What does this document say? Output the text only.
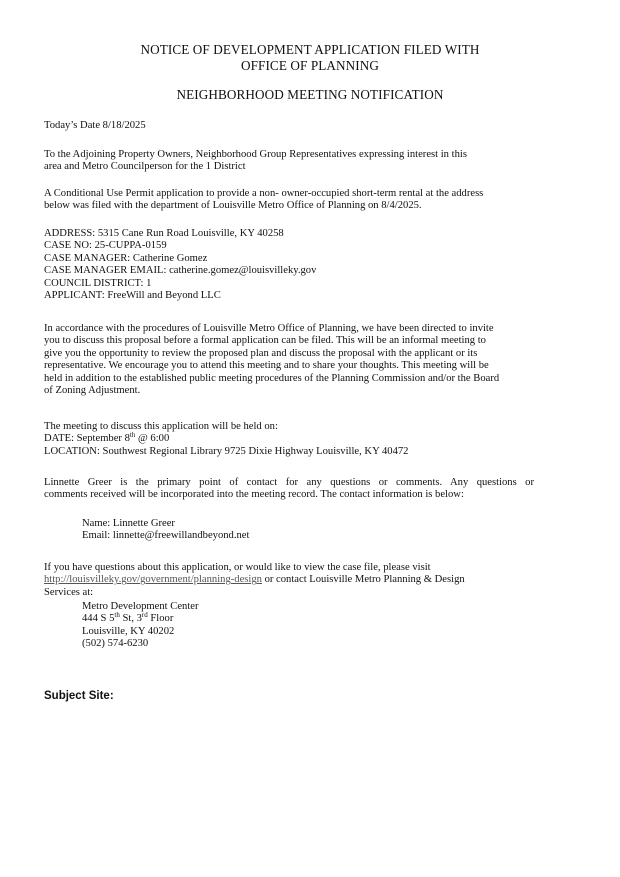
NOTICE OF DEVELOPMENT APPLICATION FILED WITH
OFFICE OF PLANNING
NEIGHBORHOOD MEETING NOTIFICATION
Today’s Date 8/18/2025
To the Adjoining Property Owners, Neighborhood Group Representatives expressing interest in this
area and Metro Councilperson for the 1 District
A Conditional Use Permit application to provide a non- owner-occupied short-term rental at the address
below was filed with the department of Louisville Metro Office of Planning on 8/4/2025.
ADDRESS: 5315 Cane Run Road Louisville, KY 40258
CASE NO: 25-CUPPA-0159
CASE MANAGER: Catherine Gomez
CASE MANAGER EMAIL: catherine.gomez@louisvilleky.gov
COUNCIL DISTRICT: 1
APPLICANT: FreeWill and Beyond LLC
In accordance with the procedures of Louisville Metro Office of Planning, we have been directed to invite
you to discuss this proposal before a formal application can be filed. This will be an informal meeting to
give you the opportunity to review the proposed plan and discuss the proposal with the applicant or its
representative. We encourage you to attend this meeting and to share your thoughts. This meeting will be
held in addition to the established public meeting procedures of the Planning Commission and/or the Board
of Zoning Adjustment.
The meeting to discuss this application will be held on:
DATE: September 8th @ 6:00
LOCATION: Southwest Regional Library 9725 Dixie Highway Louisville, KY 40472
Linnette Greer is the primary point of contact for any questions or comments. Any questions or
comments received will be incorporated into the meeting record. The contact information is below:
Name: Linnette Greer
Email: linnette@freewillandbeyond.net
If you have questions about this application, or would like to view the case file, please visit
http://louisvilleky.gov/government/planning-design or contact Louisville Metro Planning & Design
Services at:
Metro Development Center
444 S 5th St, 3rd Floor
Louisville, KY 40202
(502) 574-6230
Subject Site:
